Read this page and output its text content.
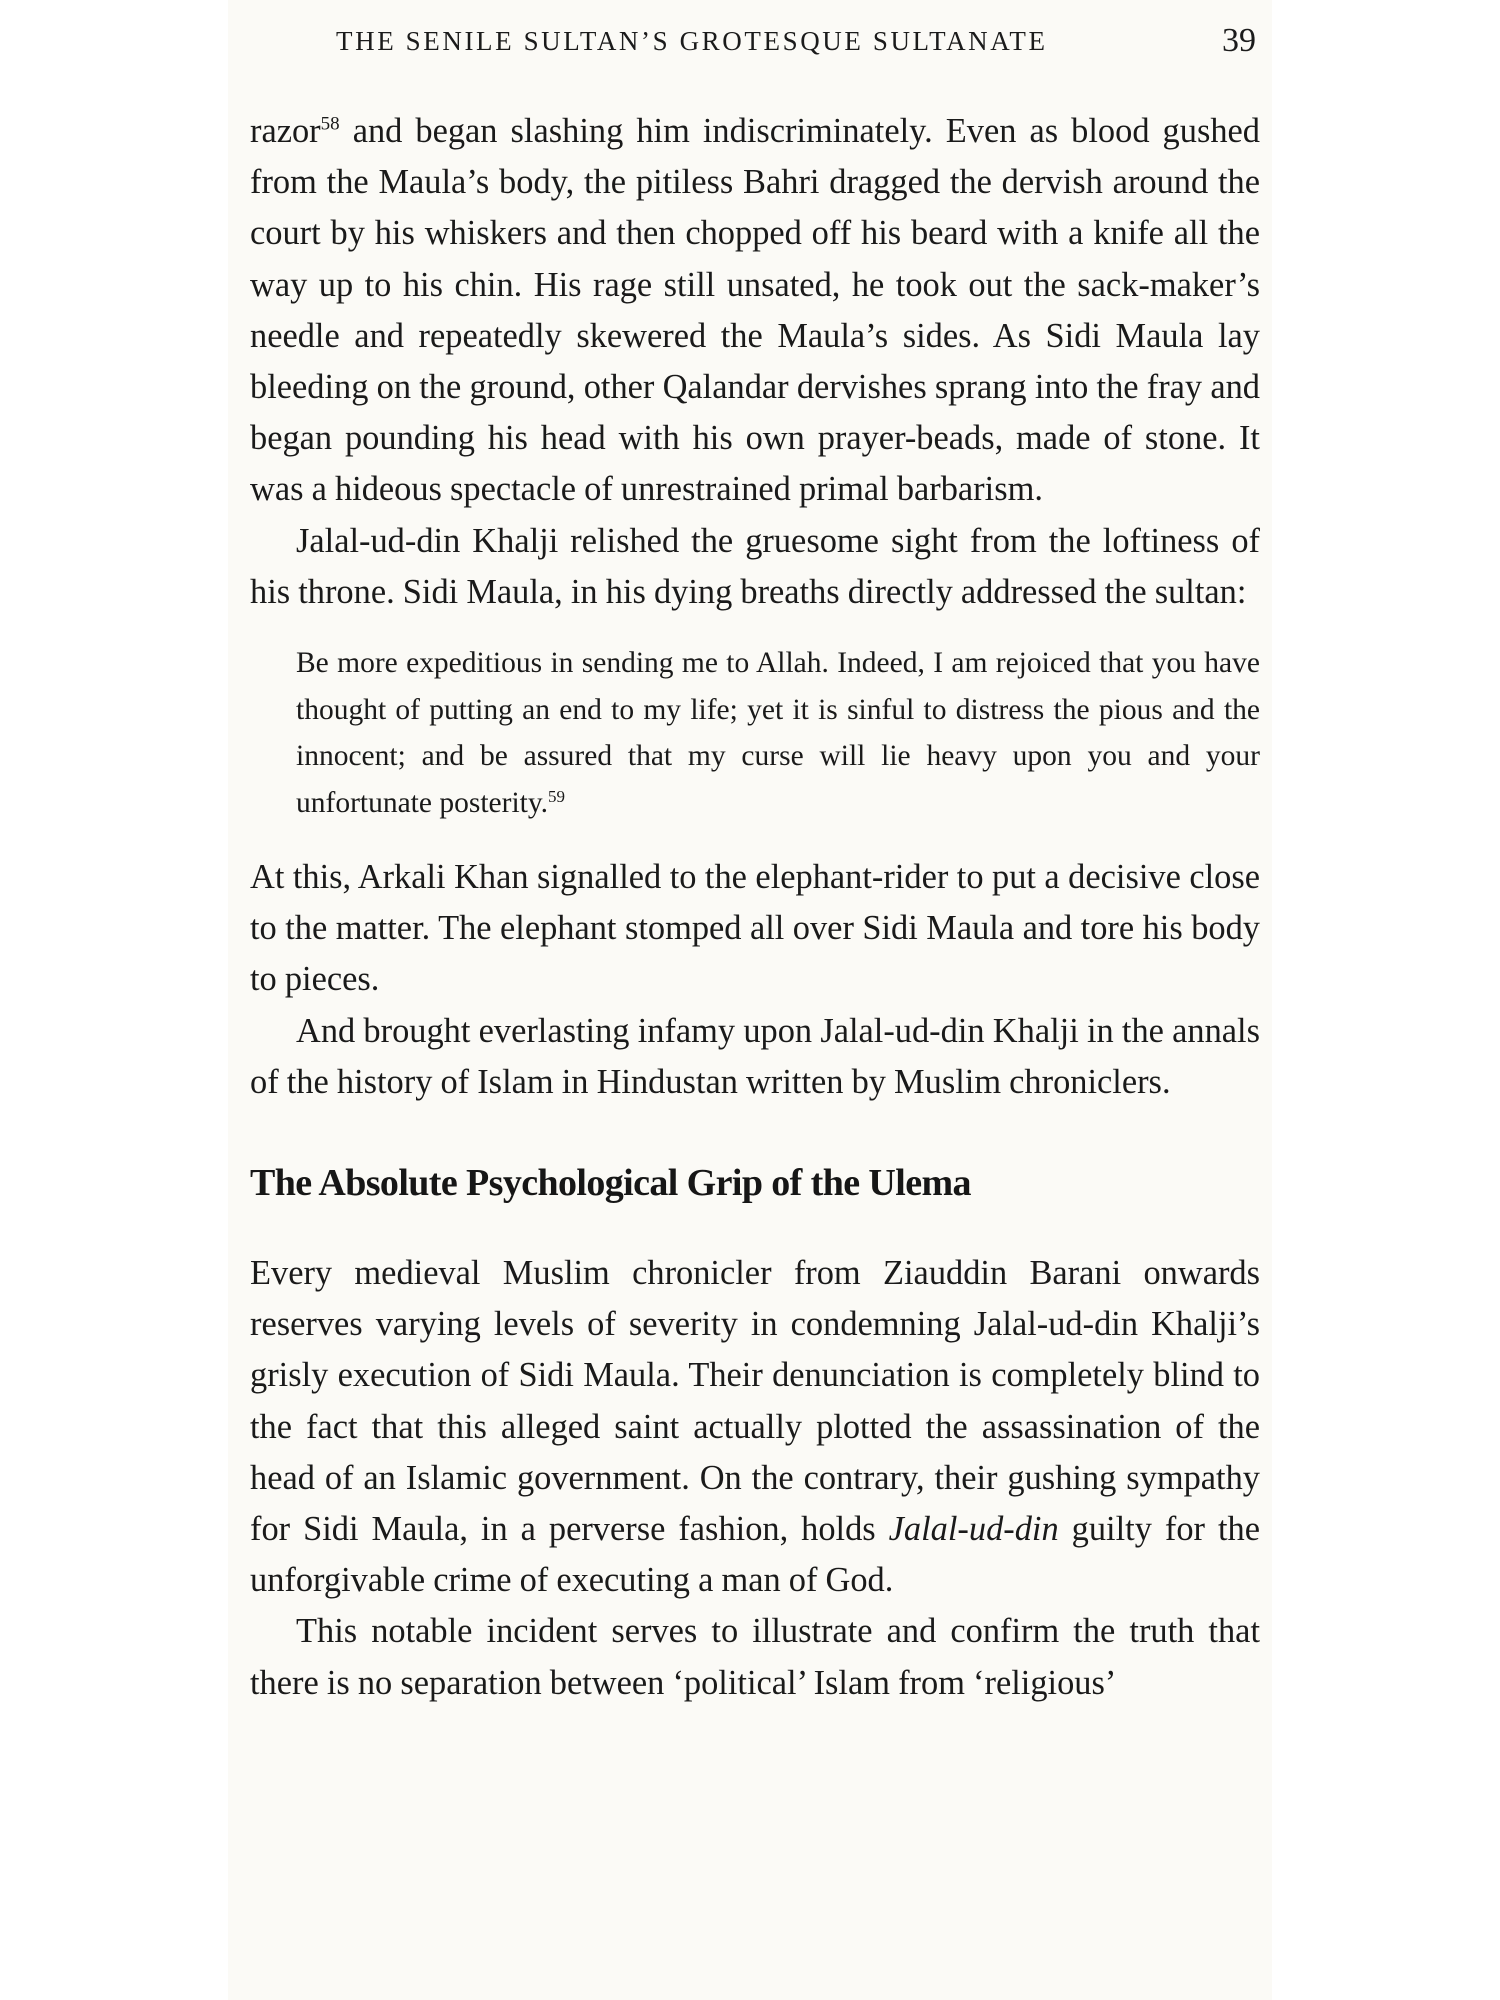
THE SENILE SULTAN’S GROTESQUE SULTANATE	39

razor$^{58}$ and began slashing him indiscriminately. Even as blood gushed from the Maula’s body, the pitiless Bahri dragged the dervish around the court by his whiskers and then chopped off his beard with a knife all the way up to his chin. His rage still unsated, he took out the sack-maker’s needle and repeatedly skewered the Maula’s sides. As Sidi Maula lay bleeding on the ground, other Qalandar dervishes sprang into the fray and began pounding his head with his own prayer-beads, made of stone. It was a hideous spectacle of unrestrained primal barbarism.

Jalal-ud-din Khalji relished the gruesome sight from the loftiness of his throne. Sidi Maula, in his dying breaths directly addressed the sultan:

Be more expeditious in sending me to Allah. Indeed, I am rejoiced that you have thought of putting an end to my life; yet it is sinful to distress the pious and the innocent; and be assured that my curse will lie heavy upon you and your unfortunate posterity.$^{59}$

At this, Arkali Khan signalled to the elephant-rider to put a decisive close to the matter. The elephant stomped all over Sidi Maula and tore his body to pieces.

And brought everlasting infamy upon Jalal-ud-din Khalji in the annals of the history of Islam in Hindustan written by Muslim chroniclers.

The Absolute Psychological Grip of the Ulema

Every medieval Muslim chronicler from Ziauddin Barani onwards reserves varying levels of severity in condemning Jalal-ud-din Khalji’s grisly execution of Sidi Maula. Their denunciation is completely blind to the fact that this alleged saint actually plotted the assassination of the head of an Islamic government. On the contrary, their gushing sympathy for Sidi Maula, in a perverse fashion, holds Jalal-ud-din guilty for the unforgivable crime of executing a man of God.

This notable incident serves to illustrate and confirm the truth that there is no separation between ‘political’ Islam from ‘religious’
